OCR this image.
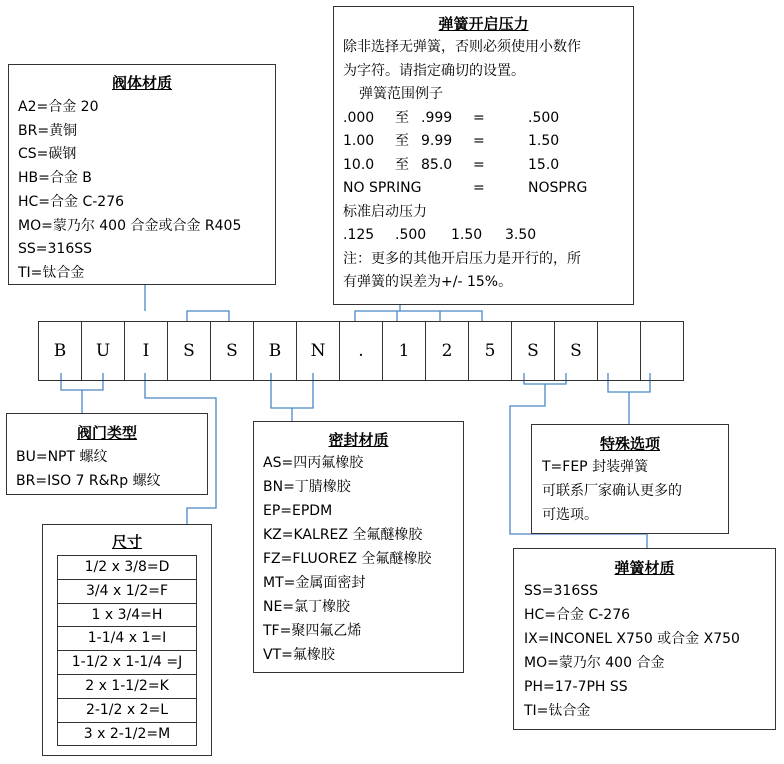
阀体材质
A2=合金 20
BR=黄铜
CS=碳钢
HB=合金 B
HC=合金 C-276
MO=蒙乃尔 400 合金或合金 R405
SS=316SS
TI=钛合金
弹簧开启压力
除非选择无弹簧，否则必须使用小数作
为字符。请指定确切的设置。
弹簧范围例子
.000 至 .999 =	.500
1.00 至 9.99 =	1.50
10.0 至 85.0 =	15.0
NO SPRING	=	NOSPRG
标准启动压力
.125 .500 1.50 3.50
注：更多的其他开启压力是开行的，所
有弹簧的误差为+/- 15%。
B	U	I	S	S	B	N	.	1	2	5	S	S
阀门类型
BU=NPT 螺纹
BR=ISO 7 R&Rp 螺纹
尺寸
1/2 x 3/8=D
3/4 x 1/2=F
1 x 3/4=H
1-1/4 x 1=I
1-1/2 x 1-1/4 =J
2 x 1-1/2=K
2-1/2 x 2=L
3 x 2-1/2=M
密封材质
AS=四丙氟橡胶
BN=丁腈橡胶
EP=EPDM
KZ=KALREZ 全氟醚橡胶
FZ=FLUOREZ 全氟醚橡胶
MT=金属面密封
NE=氯丁橡胶
TF=聚四氟乙烯
VT=氟橡胶
特殊选项
T=FEP 封装弹簧
可联系厂家确认更多的
可选项。
弹簧材质
SS=316SS
HC=合金 C-276
IX=INCONEL X750 或合金 X750
MO=蒙乃尔 400 合金
PH=17-7PH SS
TI=钛合金
